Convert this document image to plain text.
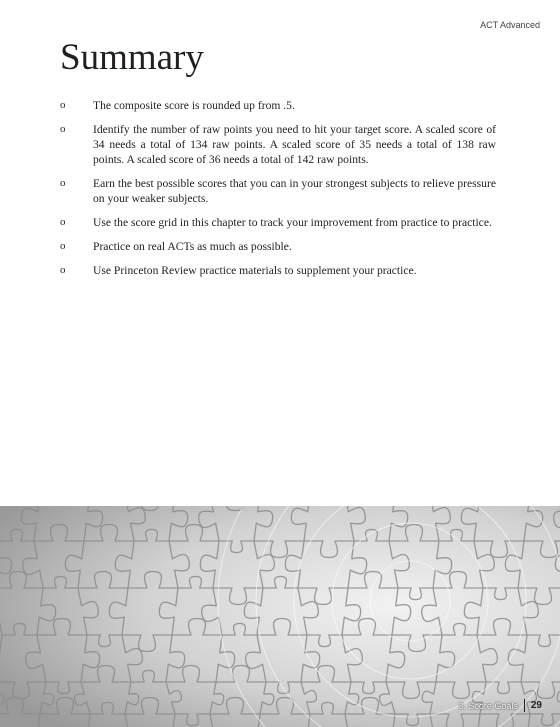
ACT Advanced
Summary
o The composite score is rounded up from .5.
o Identify the number of raw points you need to hit your target score. A scaled score of 34 needs a total of 134 raw points. A scaled score of 35 needs a total of 138 raw points. A scaled score of 36 needs a total of 142 raw points.
o Earn the best possible scores that you can in your strongest subjects to relieve pressure on your weaker subjects.
o Use the score grid in this chapter to track your improvement from practice to practice.
o Practice on real ACTs as much as possible.
o Use Princeton Review practice materials to supplement your practice.
3. Score Goals 29
